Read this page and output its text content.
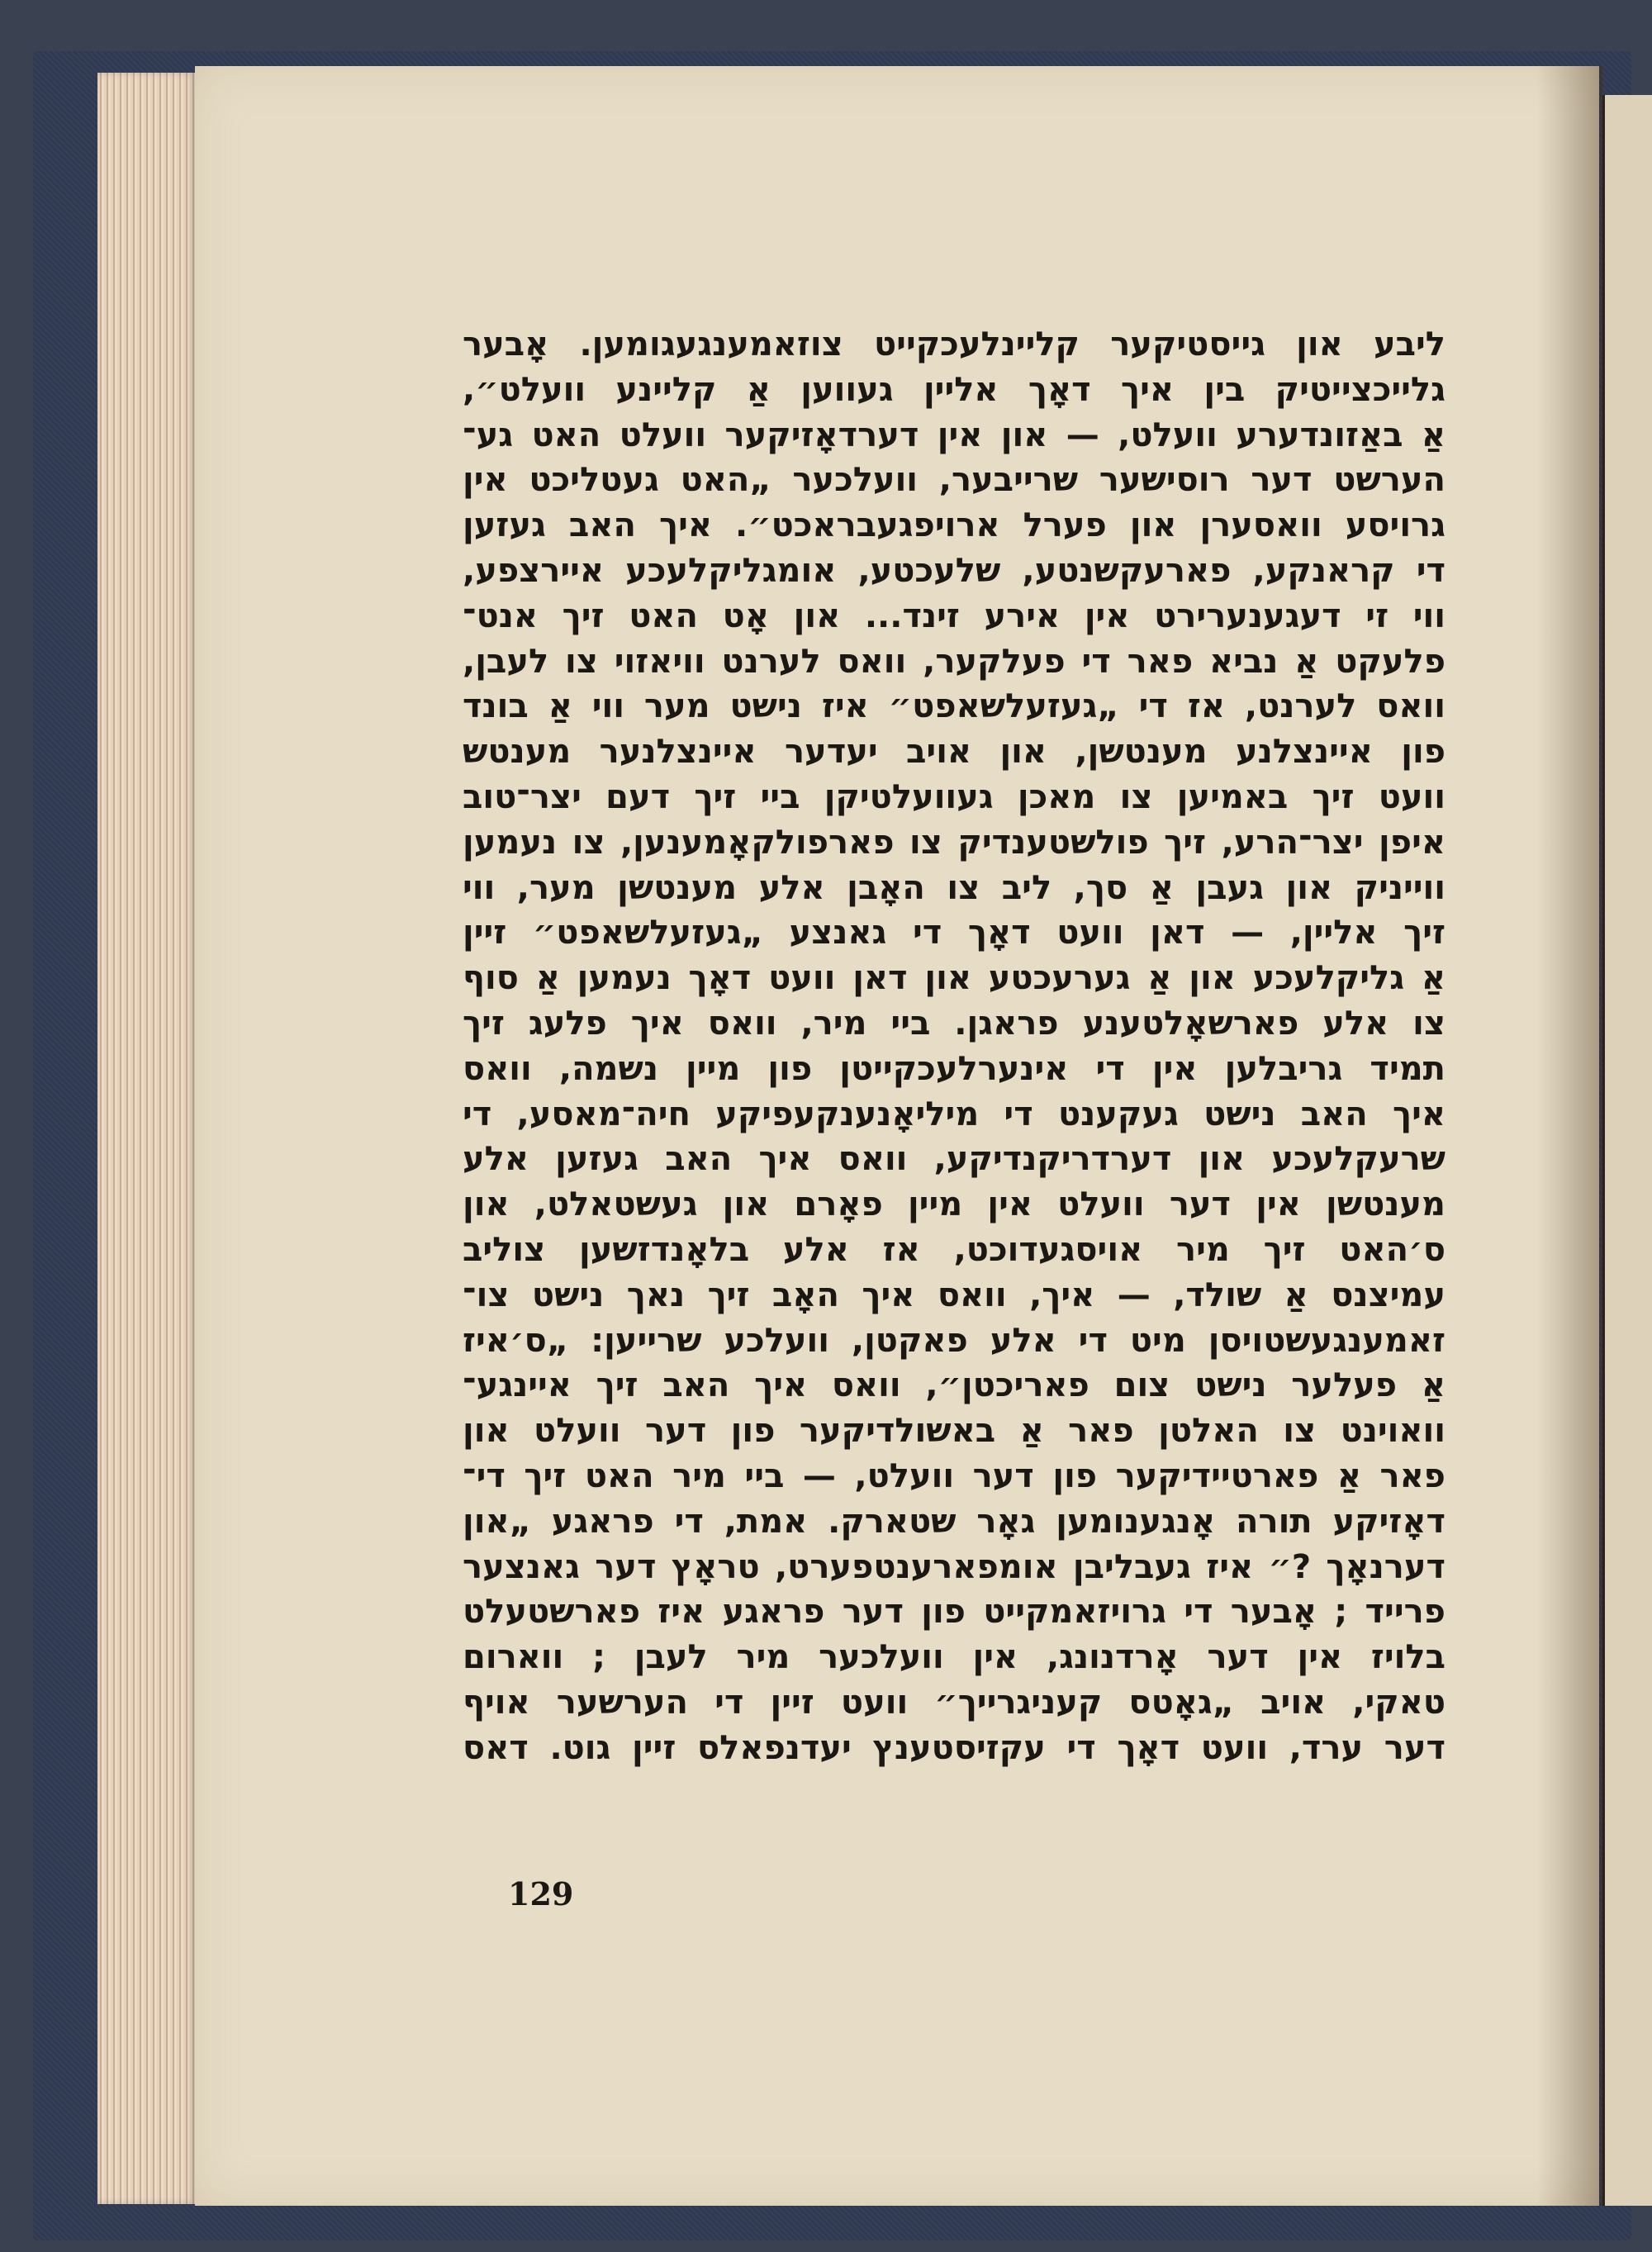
ליבע און גייסטיקער קליינלעכקייט צוזאמענגעגומען. אָבער
גלייכצייטיק בין איך דאָך אליין געווען אַ קליינע וועלט״,
אַ באַזונדערע וועלט, — און אין דערדאָזיקער וועלט האט גע־
הערשט דער רוסישער שרייבער, וועלכער „האט געטליכט אין
גרויסע וואסערן און פערל ארויפגעבראכט״. איך האב געזען
די קראנקע, פארעקשנטע, שלעכטע, אומגליקלעכע איירצפע,
ווי זי דעגענערירט אין אירע זינד... און אָט האט זיך אנט־
פלעקט אַ נביא פאר די פעלקער, וואס לערנט וויאזוי צו לעבן,
וואס לערנט, אז די „געזעלשאפט״ איז נישט מער ווי אַ בונד
פון איינצלנע מענטשן, און אויב יעדער איינצלנער מענטש
וועט זיך באמיען צו מאכן געוועלטיקן ביי זיך דעם יצר־טוב
איפן יצר־הרע, זיך פולשטענדיק צו פארפולקאָמענען, צו נעמען
ווייניק און געבן אַ סך, ליב צו האָבן אלע מענטשן מער, ווי
זיך אליין, — דאן וועט דאָך די גאנצע „געזעלשאפט״ זיין
אַ גליקלעכע און אַ גערעכטע און דאן וועט דאָך נעמען אַ סוף
צו אלע פארשאָלטענע פראגן. ביי מיר, וואס איך פלעג זיך
תמיד גריבלען אין די אינערלעכקייטן פון מיין נשמה, וואס
איך האב נישט געקענט די מיליאָנענקעפיקע חיה־מאסע, די
שרעקלעכע און דערדריקנדיקע, וואס איך האב געזען אלע
מענטשן אין דער וועלט אין מיין פאָרם און געשטאלט, און
ס׳האט זיך מיר אויסגעדוכט, אז אלע בלאָנדזשען צוליב
עמיצנס אַ שולד, — איך, וואס איך האָב זיך נאך נישט צו־
זאמענגעשטויסן מיט די אלע פאקטן, וועלכע שרייען: „ס׳איז
אַ פעלער נישט צום פאריכטן״, וואס איך האב זיך איינגע־
וואוינט צו האלטן פאר אַ באשולדיקער פון דער וועלט און
פאר אַ פארטיידיקער פון דער וועלט, — ביי מיר האט זיך די־
דאָזיקע תורה אָנגענומען גאָר שטארק. אמת, די פראגע „און
דערנאָך ?״ איז געבליבן אומפארענטפערט, טראָץ דער גאנצער
פרייד ; אָבער די גרויזאמקייט פון דער פראגע איז פארשטעלט
בלויז אין דער אָרדנונג, אין וועלכער מיר לעבן ; ווארום
טאקי, אויב „גאָטס קעניגרייך״ וועט זיין די הערשער אויף
דער ערד, וועט דאָך די עקזיסטענץ יעדנפאלס זיין גוט. דאס
129
